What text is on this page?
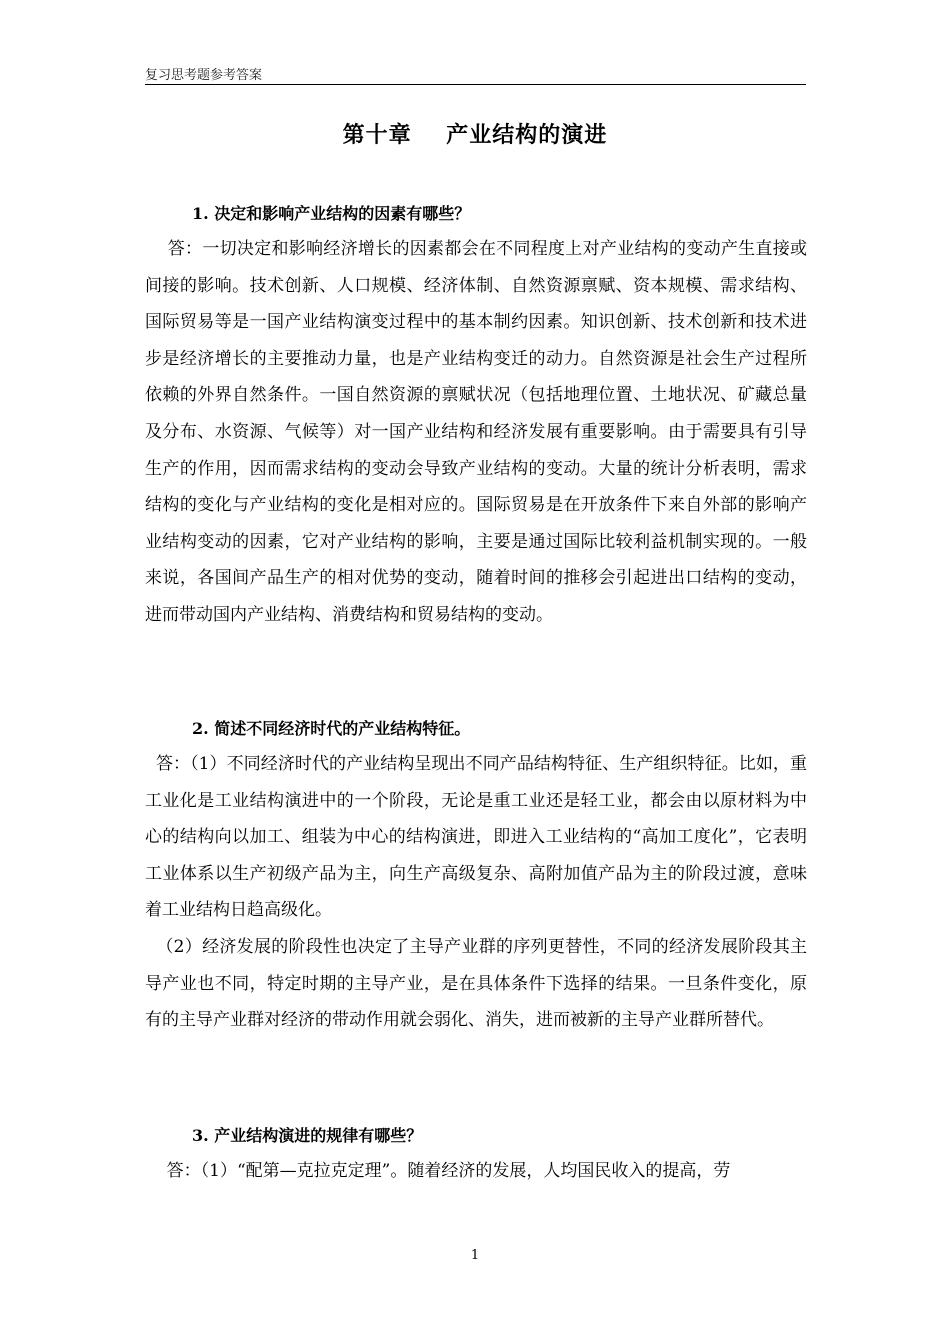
复习思考题参考答案
第十章    产业结构的演进
1. 决定和影响产业结构的因素有哪些？
答：一切决定和影响经济增长的因素都会在不同程度上对产业结构的变动产生直接或间接的影响。技术创新、人口规模、经济体制、自然资源禀赋、资本规模、需求结构、国际贸易等是一国产业结构演变过程中的基本制约因素。知识创新、技术创新和技术进步是经济增长的主要推动力量，也是产业结构变迁的动力。自然资源是社会生产过程所依赖的外界自然条件。一国自然资源的禀赋状况（包括地理位置、土地状况、矿藏总量及分布、水资源、气候等）对一国产业结构和经济发展有重要影响。由于需要具有引导生产的作用，因而需求结构的变动会导致产业结构的变动。大量的统计分析表明，需求结构的变化与产业结构的变化是相对应的。国际贸易是在开放条件下来自外部的影响产业结构变动的因素，它对产业结构的影响，主要是通过国际比较利益机制实现的。一般来说，各国间产品生产的相对优势的变动，随着时间的推移会引起进出口结构的变动，进而带动国内产业结构、消费结构和贸易结构的变动。
2. 简述不同经济时代的产业结构特征。
答：（1）不同经济时代的产业结构呈现出不同产品结构特征、生产组织特征。比如，重工业化是工业结构演进中的一个阶段，无论是重工业还是轻工业，都会由以原材料为中心的结构向以加工、组装为中心的结构演进，即进入工业结构的“高加工度化”，它表明工业体系以生产初级产品为主，向生产高级复杂、高附加值产品为主的阶段过渡，意味着工业结构日趋高级化。
（2）经济发展的阶段性也决定了主导产业群的序列更替性，不同的经济发展阶段其主导产业也不同，特定时期的主导产业，是在具体条件下选择的结果。一旦条件变化，原有的主导产业群对经济的带动作用就会弱化、消失，进而被新的主导产业群所替代。
3. 产业结构演进的规律有哪些？
答：（1）“配第—克拉克定理”。随着经济的发展，人均国民收入的提高，劳
1
